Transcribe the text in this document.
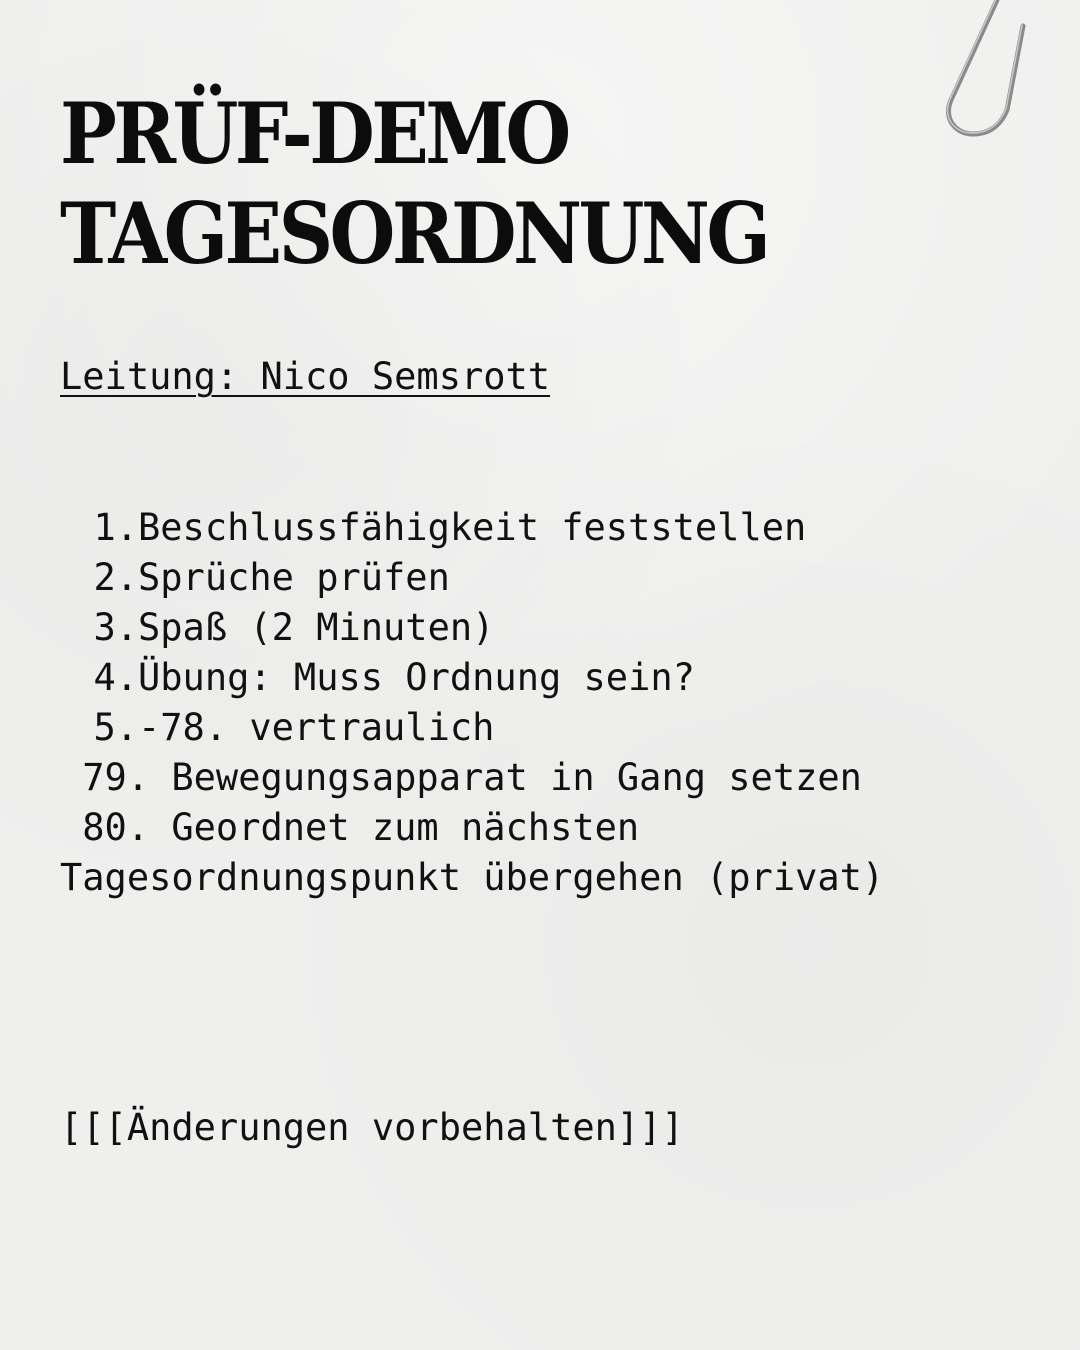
PRÜF-DEMO
TAGESORDNUNG
Leitung: Nico Semsrott
1. Beschlussfähigkeit feststellen
2. Sprüche prüfen
3. Spaß (2 Minuten)
4. Übung: Muss Ordnung sein?
5. -78. vertraulich
79. Bewegungsapparat in Gang setzen
80. Geordnet zum nächsten Tagesordnungspunkt übergehen (privat)
[[[Änderungen vorbehalten]]]
